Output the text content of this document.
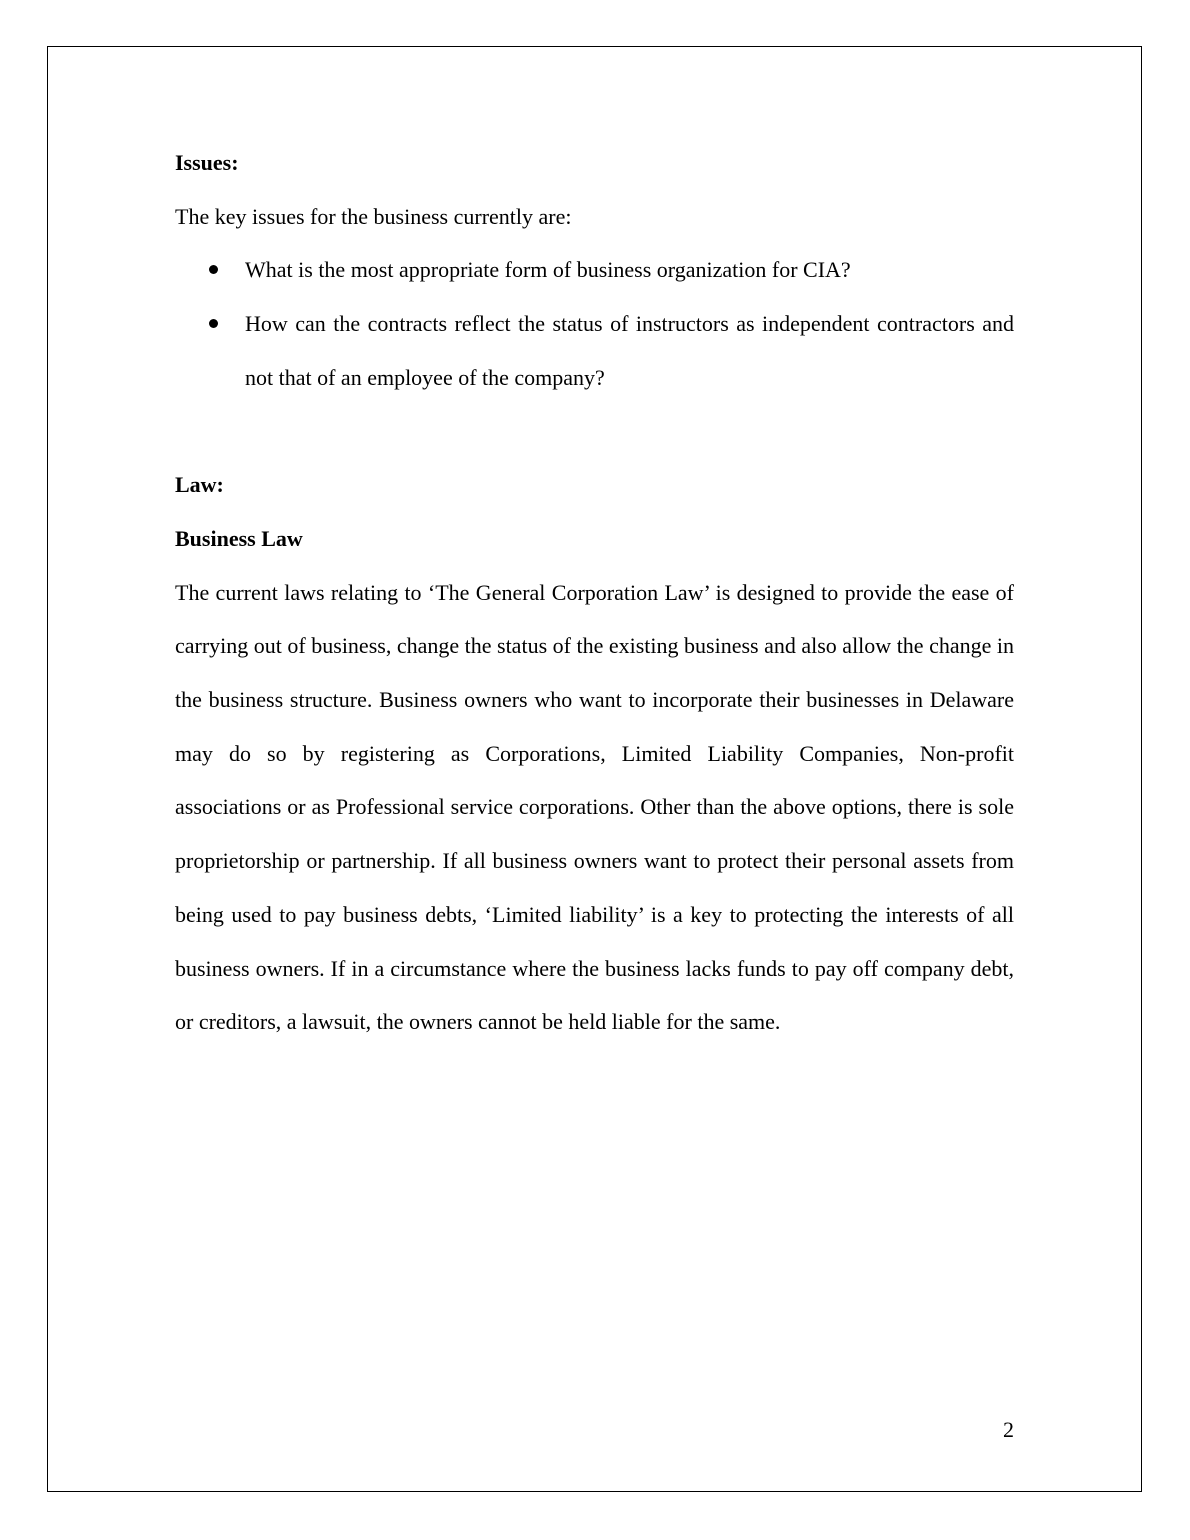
Issues:

The key issues for the business currently are:

What is the most appropriate form of business organization for CIA?
How can the contracts reflect the status of instructors as independent contractors and not that of an employee of the company?

Law:

Business Law

The current laws relating to ‘The General Corporation Law’ is designed to provide the ease of carrying out of business, change the status of the existing business and also allow the change in the business structure. Business owners who want to incorporate their businesses in Delaware may do so by registering as Corporations, Limited Liability Companies, Non-profit associations or as Professional service corporations. Other than the above options, there is sole proprietorship or partnership. If all business owners want to protect their personal assets from being used to pay business debts, ‘Limited liability’ is a key to protecting the interests of all business owners. If in a circumstance where the business lacks funds to pay off company debt, or creditors, a lawsuit, the owners cannot be held liable for the same.

2
